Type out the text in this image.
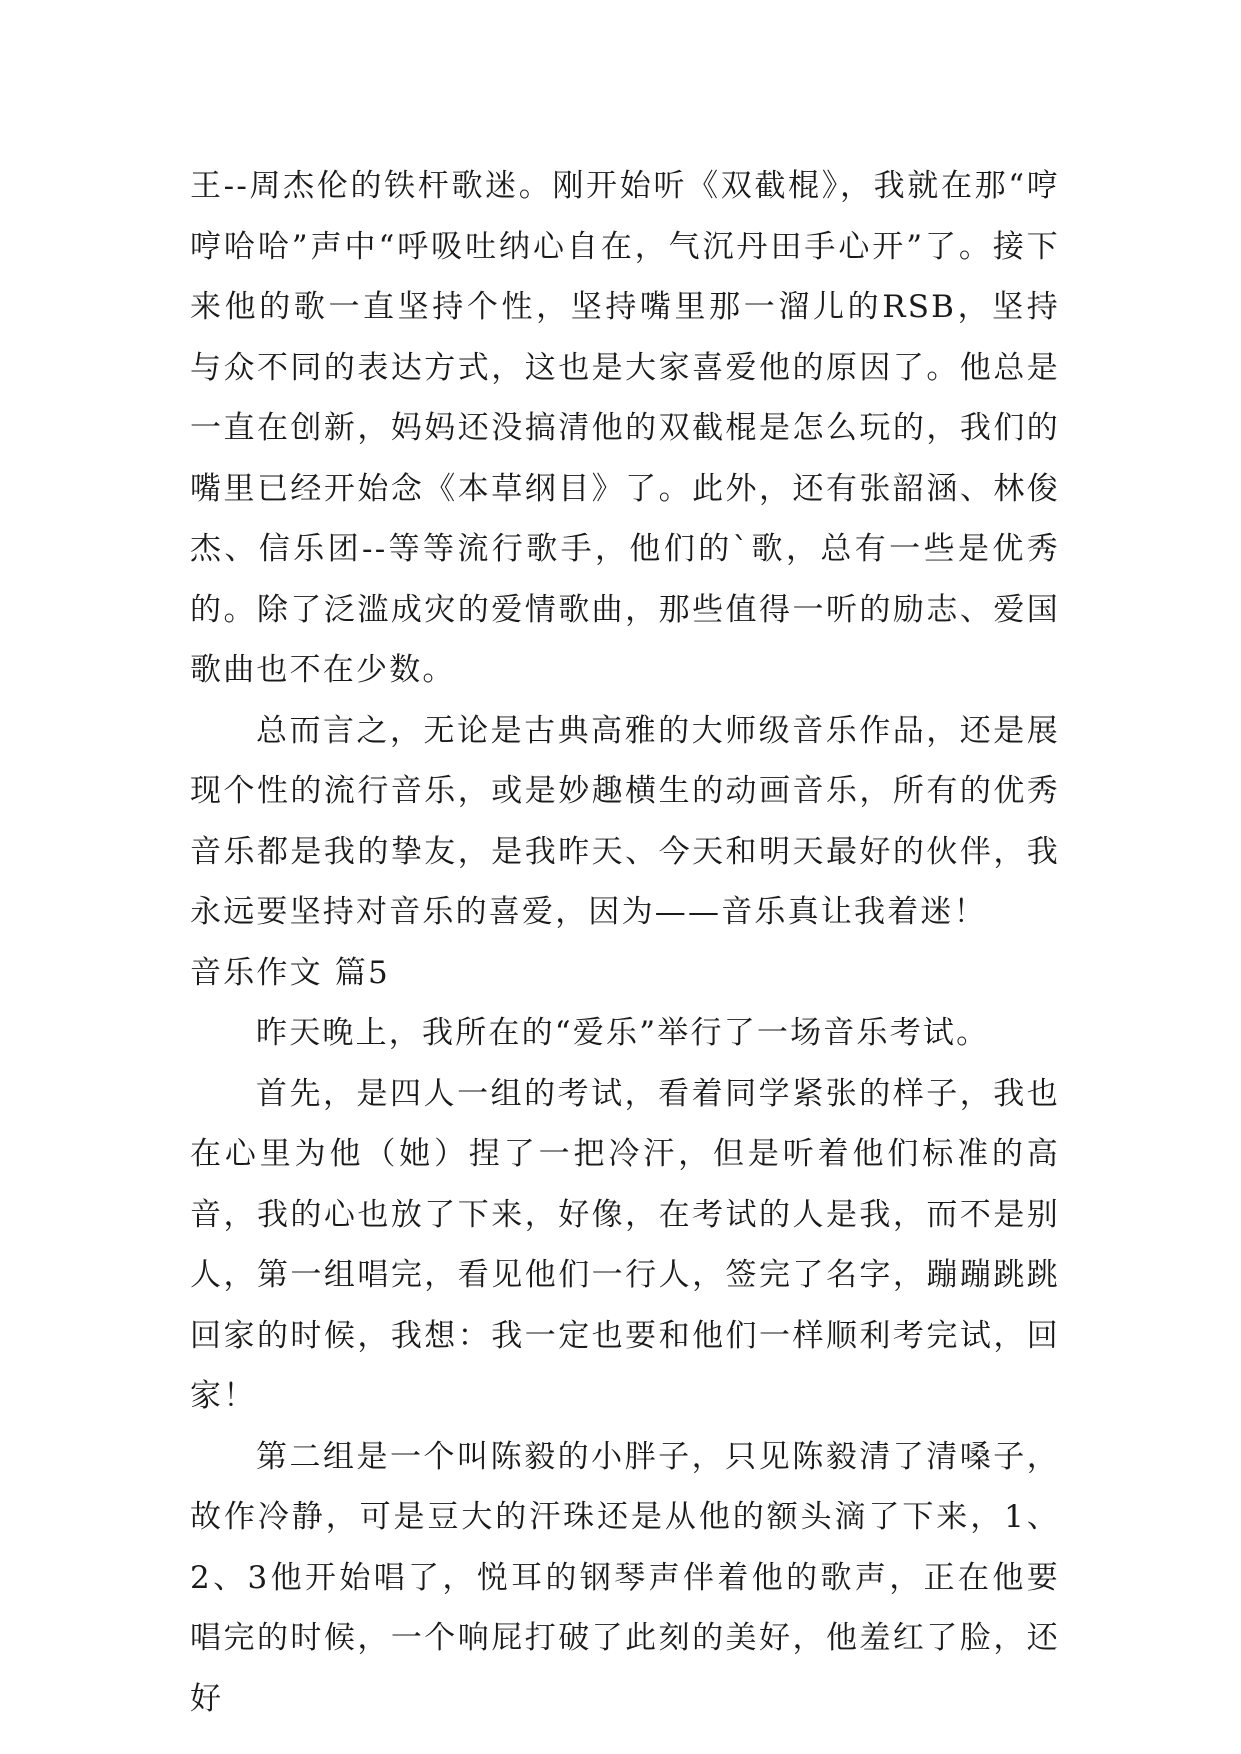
王--周杰伦的铁杆歌迷。刚开始听《双截棍》，我就在那“哼哼哈哈”声中“呼吸吐纳心自在，气沉丹田手心开”了。接下来他的歌一直坚持个性，坚持嘴里那一溜儿的RSB，坚持与众不同的表达方式，这也是大家喜爱他的原因了。他总是一直在创新，妈妈还没搞清他的双截棍是怎么玩的，我们的嘴里已经开始念《本草纲目》了。此外，还有张韶涵、林俊杰、信乐团--等等流行歌手，他们的`歌，总有一些是优秀的。除了泛滥成灾的爱情歌曲，那些值得一听的励志、爱国歌曲也不在少数。

总而言之，无论是古典高雅的大师级音乐作品，还是展现个性的流行音乐，或是妙趣横生的动画音乐，所有的优秀音乐都是我的挚友，是我昨天、今天和明天最好的伙伴，我永远要坚持对音乐的喜爱，因为——音乐真让我着迷！

音乐作文 篇5

昨天晚上，我所在的“爱乐”举行了一场音乐考试。

首先，是四人一组的考试，看着同学紧张的样子，我也在心里为他（她）捏了一把冷汗，但是听着他们标准的高音，我的心也放了下来，好像，在考试的人是我，而不是别人，第一组唱完，看见他们一行人，签完了名字，蹦蹦跳跳回家的时候，我想：我一定也要和他们一样顺利考完试，回家！

第二组是一个叫陈毅的小胖子，只见陈毅清了清嗓子，故作冷静，可是豆大的汗珠还是从他的额头滴了下来，1、2、3他开始唱了，悦耳的钢琴声伴着他的歌声，正在他要唱完的时候，一个响屁打破了此刻的美好，他羞红了脸，还好
